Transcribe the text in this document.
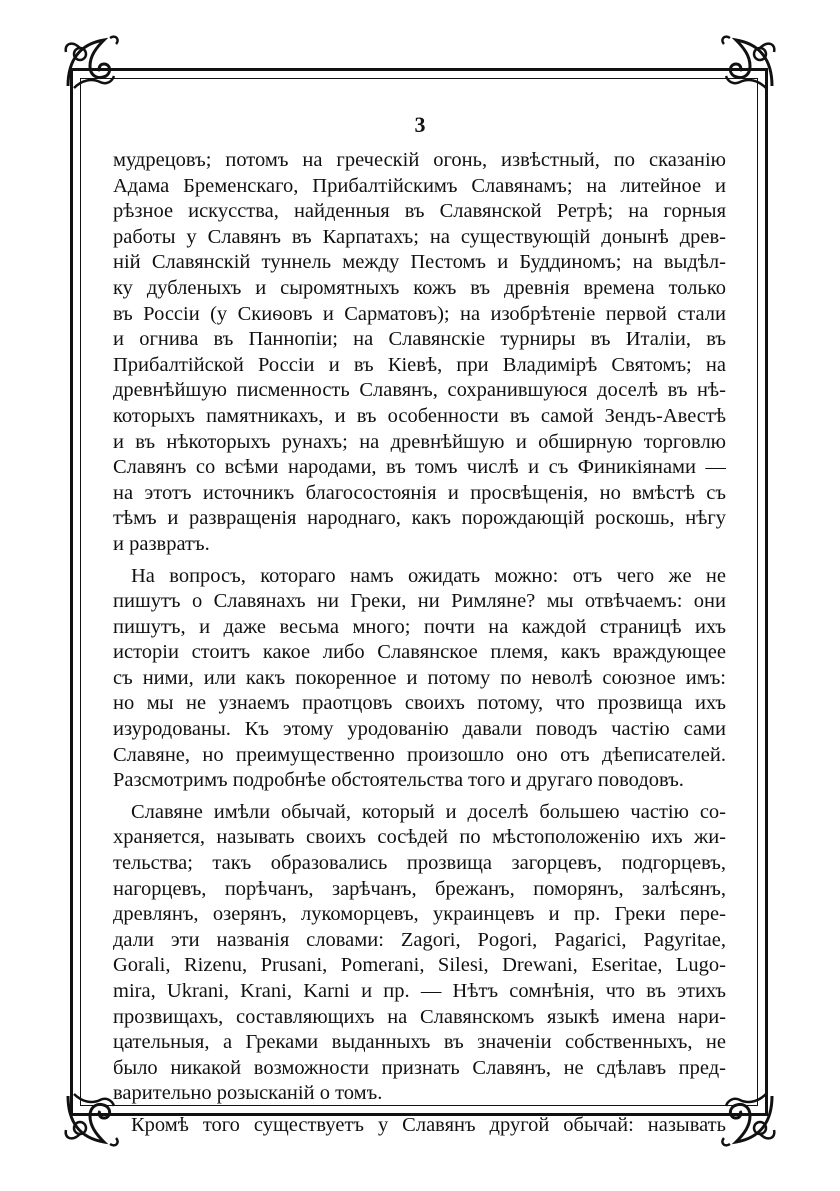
3
мудрецовъ; потомъ на греческій огонь, извѣстный, по сказанію
Адама Бременскаго, Прибалтійскимъ Славянамъ; на литейное и
рѣзное искусства, найденныя въ Славянской Ретрѣ; на горныя
работы у Славянъ въ Карпатахъ; на существующій донынѣ древ-
ній Славянскій туннель между Пестомъ и Буддиномъ; на выдѣл-
ку дубленыхъ и сыромятныхъ кожъ въ древнія времена только
въ Россіи (у Скиѳовъ и Сарматовъ); на изобрѣтеніе первой стали
и огнива въ Паннопіи; на Славянскіе турниры въ Италіи, въ
Прибалтійской Россіи и въ Кіевѣ, при Владимірѣ Святомъ; на
древнѣйшую писменность Славянъ, сохранившуюся доселѣ въ нѣ-
которыхъ памятникахъ, и въ особенности въ самой Зендъ-Авестѣ
и въ нѣкоторыхъ рунахъ; на древнѣйшую и обширную торговлю
Славянъ со всѣми народами, въ томъ числѣ и съ Финикіянами —
на этотъ источникъ благосостоянія и просвѣщенія, но вмѣстѣ съ
тѣмъ и развращенія народнаго, какъ порождающій роскошь, нѣгу
и развратъ.
На вопросъ, котораго намъ ожидать можно: отъ чего же не
пишутъ о Славянахъ ни Греки, ни Римляне? мы отвѣчаемъ: они
пишутъ, и даже весьма много; почти на каждой страницѣ ихъ
исторіи стоитъ какое либо Славянское племя, какъ враждующее
съ ними, или какъ покоренное и потому по неволѣ союзное имъ:
но мы не узнаемъ праотцовъ своихъ потому, что прозвища ихъ
изуродованы. Къ этому уродованію давали поводъ частію сами
Славяне, но преимущественно произошло оно отъ дѣеписателей.
Разсмотримъ подробнѣе обстоятельства того и другаго поводовъ.
Славяне имѣли обычай, который и доселѣ большею частію со-
храняется, называть своихъ сосѣдей по мѣстоположенію ихъ жи-
тельства; такъ образовались прозвища загорцевъ, подгорцевъ,
нагорцевъ, порѣчанъ, зарѣчанъ, брежанъ, поморянъ, залѣсянъ,
древлянъ, озерянъ, лукоморцевъ, украинцевъ и пр. Греки пере-
дали эти названія словами: Zagori, Pogori, Pagarici, Pagyritae,
Gorali, Rizenu, Prusani, Pomerani, Silesi, Drewani, Eseritae, Lugo-
mira, Ukrani, Krani, Karni и пр. — Нѣтъ сомнѣнія, что въ этихъ
прозвищахъ, составляющихъ на Славянскомъ языкѣ имена нари-
цательныя, а Греками выданныхъ въ значеніи собственныхъ, не
было никакой возможности признать Славянъ, не сдѣлавъ пред-
варительно розысканій о томъ.
Кромѣ того существуетъ у Славянъ другой обычай: называть
